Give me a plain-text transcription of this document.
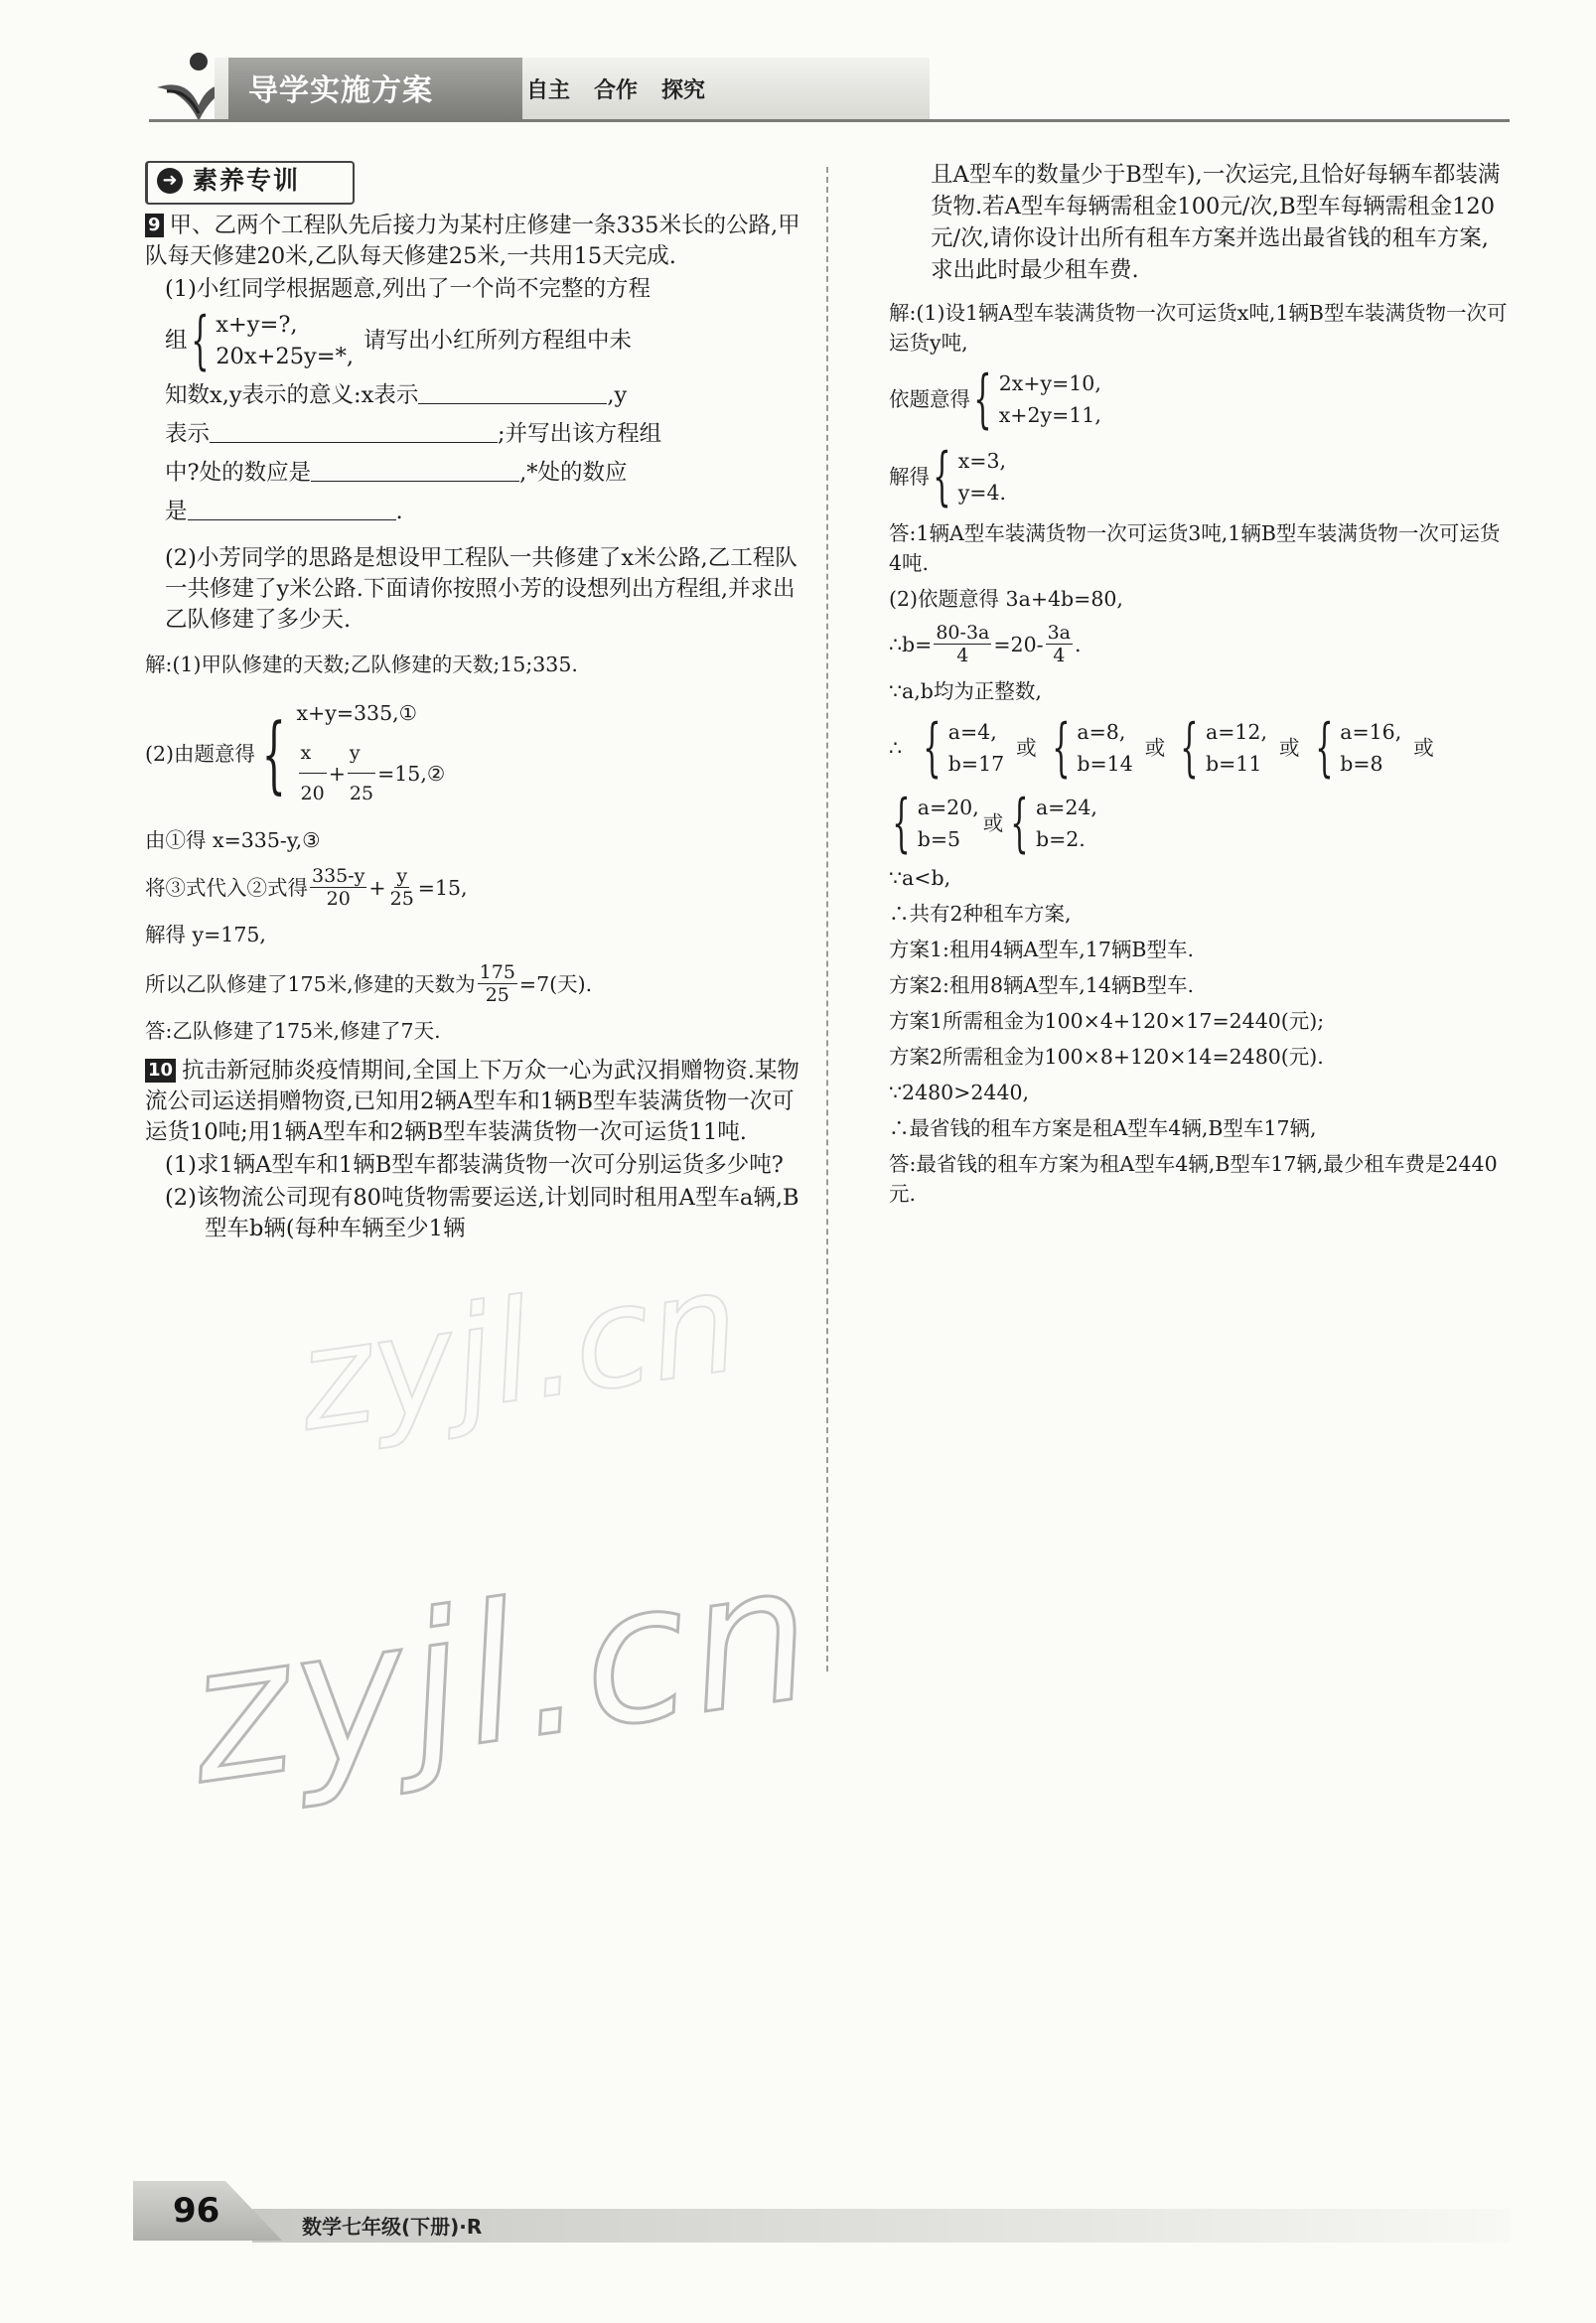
导学实施方案	自主 合作 探究
zyjl.cn
➜ 素养专训

9 甲、乙两个工程队先后接力为某村庄修建一条335米长的公路,甲队每天修建20米,乙队每天修建25米,一共用15天完成.

(1)小红同学根据题意,列出了一个尚不完整的方程

组 { x+y=?,
20x+25y=*,
请写出小红所列方程组中未

知数x,y表示的意义:x表示	,y

表示	;并写出该方程组

中?处的数应是	,*处的数应

是	.

(2)小芳同学的思路是想设甲工程队一共修建了x米公路,乙工程队一共修建了y米公路.下面请你按照小芳的设想列出方程组,并求出乙队修建了多少天.

解:(1)甲队修建的天数;乙队修建的天数;15;335.

(2)由题意得 { x+y=335,①
$\frac{x}{20} + \frac{y}{25}$ =15,②

由①得 x=335-y,③

将③式代入②式得 $\frac{335-y}{20} + \frac{y}{25} =15$,

解得 y=175,

所以乙队修建了175米,修建的天数为 $\frac{175}{25} =7$(天).

答:乙队修建了175米,修建了7天.

10 抗击新冠肺炎疫情期间,全国上下万众一心为武汉捐赠物资.某物流公司运送捐赠物资,已知用2辆A型车和1辆B型车装满货物一次可运货10吨;用1辆A型车和2辆B型车装满货物一次可运货11吨.

(1)求1辆A型车和1辆B型车都装满货物一次可分别运货多少吨?

(2)该物流公司现有80吨货物需要运送,计划同时租用A型车a辆,B型车b辆(每种车辆至少1辆

且A型车的数量少于B型车),一次运完,且恰好每辆车都装满货物.若A型车每辆需租金100元/次,B型车每辆需租金120元/次,请你设计出所有租车方案并选出最省钱的租车方案,求出此时最少租车费.

解:(1)设1辆A型车装满货物一次可运货x吨,1辆B型车装满货物一次可运货y吨,

依题意得 { 2x+y=10,
x+2y=11,
解得 { x=3,
y=4.

答:1辆A型车装满货物一次可运货3吨,1辆B型车装满货物一次可运货4吨.

(2)依题意得 3a+4b=80,

∴b= $\frac{80-3a}{4} =20- \frac{3a}{4}$ .

∵a,b均为正整数,

∴ { a=4,
b=17
或 { a=8,
b=14
或 { a=12,
b=11
或 { a=16,
b=8
或
{ a=20,
b=5
或 { a=24,
b=2.

∵a<b,

∴共有2种租车方案,

方案1:租用4辆A型车,17辆B型车.

方案2:租用8辆A型车,14辆B型车.

方案1所需租金为100×4+120×17=2440(元);

方案2所需租金为100×8+120×14=2480(元).

∵2480>2440,

∴最省钱的租车方案是租A型车4辆,B型车17辆,

答:最省钱的租车方案为租A型车4辆,B型车17辆,最少租车费是2440元.

zyjl.cn
96	数学七年级(下册)·R
